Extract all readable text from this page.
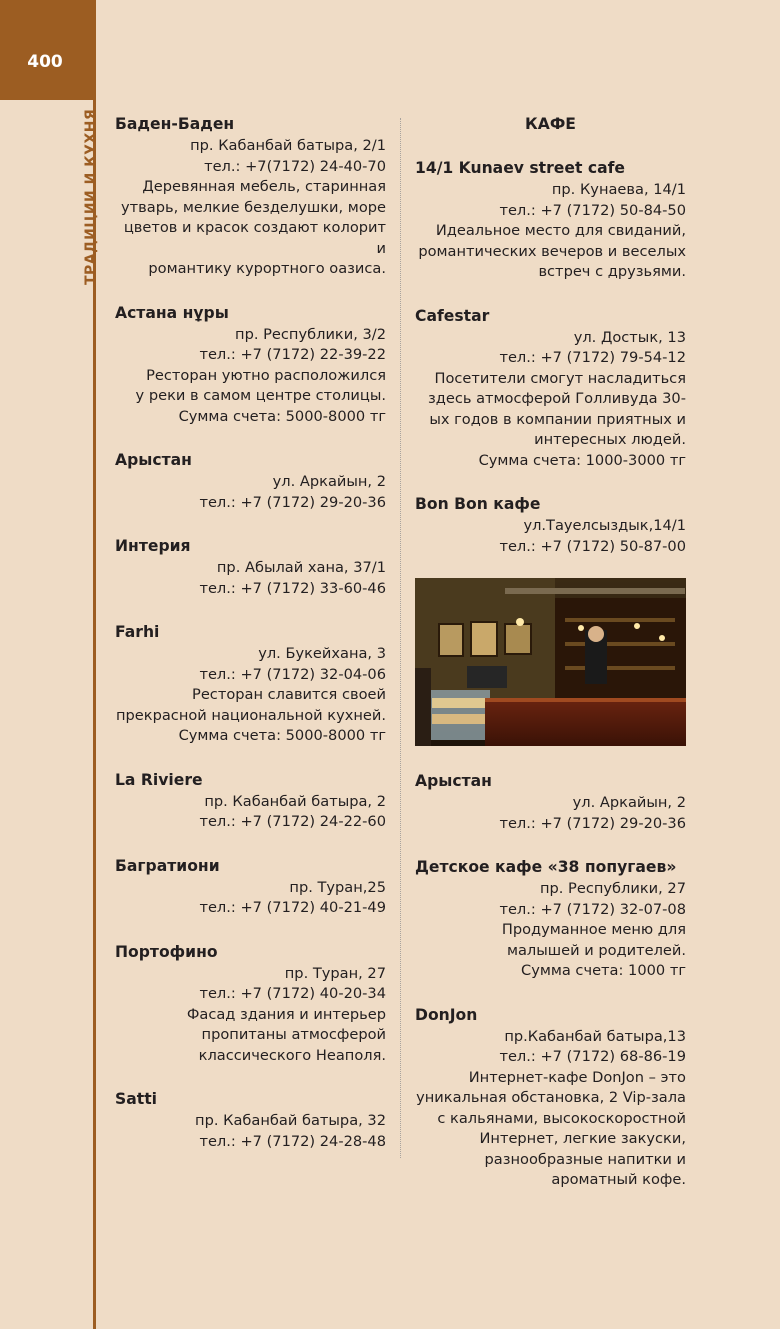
400
ТРАДИЦИИ И КУХНЯ Баден-Баден
пр. Кабанбай батыра, 2/1
тел.: +7(7172) 24-40-70
Деревянная мебель, старинная
утварь, мелкие безделушки, море
цветов и красок создают колорит и
романтику курортного оазиса.
Астана нұры
пр. Республики, 3/2
тел.: +7 (7172) 22-39-22
Ресторан уютно расположился
у реки в самом центре столицы.
Сумма счета: 5000-8000 тг
Арыстан
ул. Аркайын, 2
тел.: +7 (7172) 29-20-36
Интерия
пр. Абылай хана, 37/1
тел.: +7 (7172) 33-60-46
Farhi
ул. Букейхана, 3
тел.: +7 (7172) 32-04-06
Ресторан славится своей
прекрасной национальной кухней.
Сумма счета: 5000-8000 тг
La Riviere
пр. Кабанбай батыра, 2
тел.: +7 (7172) 24-22-60
Багратиони
пр. Туран,25
тел.: +7 (7172) 40-21-49
Портофино
пр. Туран, 27
тел.: +7 (7172) 40-20-34
Фасад здания и интерьер
пропитаны атмосферой
классического Неаполя.
Satti
пр. Кабанбай батыра, 32
тел.: +7 (7172) 24-28-48
КАФЕ
14/1 Kunaev street cafe
пр. Кунаева, 14/1
тел.: +7 (7172) 50-84-50
Идеальное место для свиданий,
романтических вечеров и веселых
встреч с друзьями.
Cafestar
ул. Достык, 13
тел.: +7 (7172) 79-54-12
Посетители смогут насладиться
здесь атмосферой Голливуда 30-
ых годов в компании приятных и
интересных людей.
Сумма счета: 1000-3000 тг
Bon Bon кафе
ул.Тауелсыздык,14/1
тел.: +7 (7172) 50-87-00
Арыстан
ул. Аркайын, 2
тел.: +7 (7172) 29-20-36
Детское кафе «38 попугаев»
пр. Республики, 27
тел.: +7 (7172) 32-07-08
Продуманное меню для
малышей и родителей.
Сумма счета: 1000 тг
DonJon
пр.Кабанбай батыра,13
тел.: +7 (7172) 68-86-19
Интернет-кафе DonJon – это
уникальная обстановка, 2 Vip-зала
с кальянами, высокоскоростной
Интернет, легкие закуски,
разнообразные напитки и
ароматный кофе.
